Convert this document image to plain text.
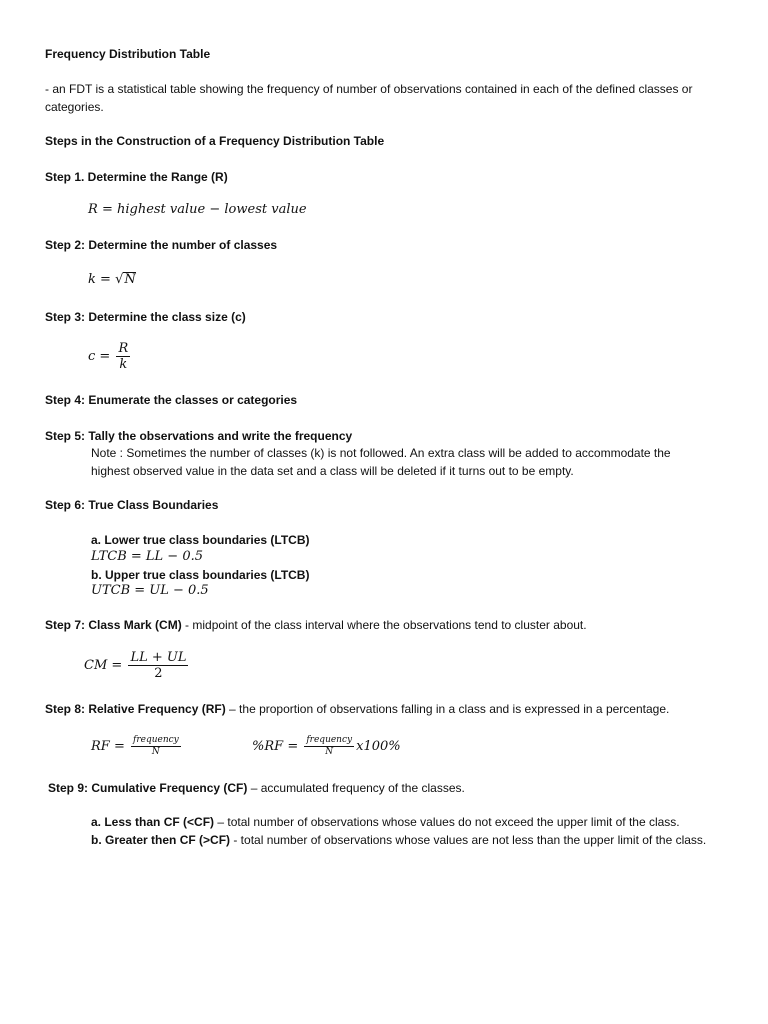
Frequency Distribution Table
- an FDT is a statistical table showing the frequency of number of observations contained in each of the defined classes or categories.
Steps in the Construction of a Frequency Distribution Table
Step 1. Determine the Range (R)
R = highest value − lowest value
Step 2: Determine the number of classes
k = √N
Step 3: Determine the class size (c)
$c = \frac{R}{k}$
Step 4: Enumerate the classes or categories
Step 5: Tally the observations and write the frequency
Note : Sometimes the number of classes (k) is not followed. An extra class will be added to accommodate the highest observed value in the data set and a class will be deleted if it turns out to be empty.
Step 6: True Class Boundaries
a. Lower true class boundaries (LTCB)
LTCB = LL − 0.5
b. Upper true class boundaries (LTCB)
UTCB = UL − 0.5
Step 7: Class Mark (CM) - midpoint of the class interval where the observations tend to cluster about.
CM = $\frac{LL + UL}{2}$
Step 8: Relative Frequency (RF) – the proportion of observations falling in a class and is expressed in a percentage.
RF = $\frac{\text{frequency}}{N}$	$\%RF = \frac{\text{frequency}}{N} x100\%$
Step 9: Cumulative Frequency (CF) – accumulated frequency of the classes.
a. Less than CF (<CF) – total number of observations whose values do not exceed the upper limit of the class.
b. Greater then CF (>CF) - total number of observations whose values are not less than the upper limit of the class.
